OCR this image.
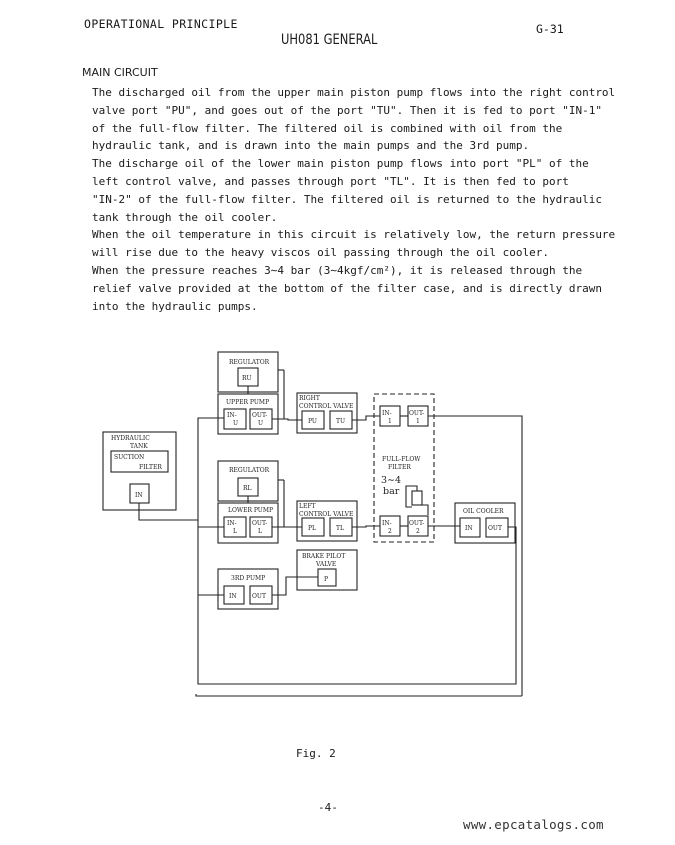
OPERATIONAL PRINCIPLE	G-31
UH081 GENERAL
MAIN CIRCUIT
The discharged oil from the upper main piston pump flows into the right control
valve port "PU", and goes out of the port "TU". Then it is fed to port "IN-1"
of the full-flow filter. The filtered oil is combined with oil from the
hydraulic tank, and is drawn into the main pumps and the 3rd pump.
The discharge oil of the lower main piston pump flows into port "PL" of the
left control valve, and passes through port "TL". It is then fed to port
"IN-2" of the full-flow filter. The filtered oil is returned to the hydraulic
tank through the oil cooler.
When the oil temperature in this circuit is relatively low, the return pressure
will rise due to the heavy viscos oil passing through the oil cooler.
When the pressure reaches 3∼4 bar (3∼4kgf/cm²), it is released through the
relief valve provided at the bottom of the filter case, and is directly drawn
into the hydraulic pumps.
REGULATOR
RU
UPPER PUMP
IN-
U
OUT-
U
RIGHT
CONTROL VALVE
PU	TU
IN-
1
OUT-
1
FULL-FLOW
FILTER
3∼4
bar
IN-
2
OUT-
2
HYDRAULIC
TANK
SUCTION
FILTER
IN
REGULATOR
RL
LOWER PUMP
IN-
L
OUT-
L
LEFT
CONTROL VALVE
PL	TL
OIL COOLER
IN	OUT
BRAKE PILOT
VALVE
P
3RD PUMP
IN	OUT
Fig. 2
-4-
www.epcatalogs.com
